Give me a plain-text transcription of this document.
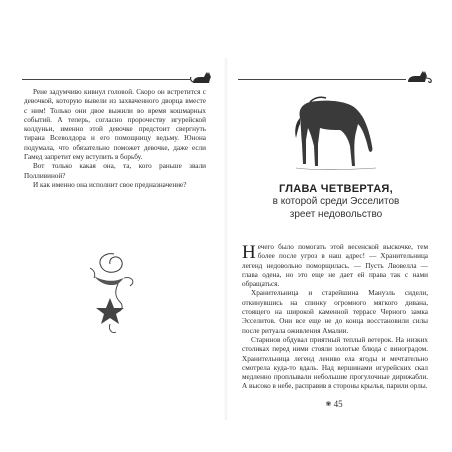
Рене задумчиво кивнул головой. Скоро он встретится с девочкой, которую вывели из захваченного дворца вместе с ним! Только они двое выжили во время кошмарных событий. А теперь, согласно пророчеству игурейской колдуньи, именно этой девочке предстоит свергнуть тирана Всеволдора и его помощницу ведьму. Юнона подумала, что обязательно поможет девочке, даже если Гамед запретит ему вступить в борьбу.

Вот только какая она, та, кого раньше звали Полливиной?

И как именно она исполнит свое предназначение?	ГЛАВА ЧЕТВЕРТАЯ,
в которой среди Эсселитов
зреет недовольство

Нечего было помогать этой весенской выскочке, тем более после угроз в наш адрес! — Хранительница легенд недовольно поморщилась. — Пусть Лвовелла — глава одена, но это еще не дает ей права так с нами обращаться.

Хранительница и старейшина Мануэль сидели, откинувшись на спинку огромного мягкого дивана, стоящего на широкой каменной террасе Черного замка Эсселитов. Они все еще не до конца восстановили силы после ритуала оживления Амалии.

Старинов обдувал приятный теплый ветерок. На низких столиках перед ними стояли золотые блюда с виноградом. Хранительница легенд лениво ела ягоды и мечтательно смотрела куда-то вдаль. Над вершинами игурейских скал медленно проплывали небольшие прогулочные дирижабли. А высоко в небе, расправив в стороны крылья, парили орлы.

❀ 45
